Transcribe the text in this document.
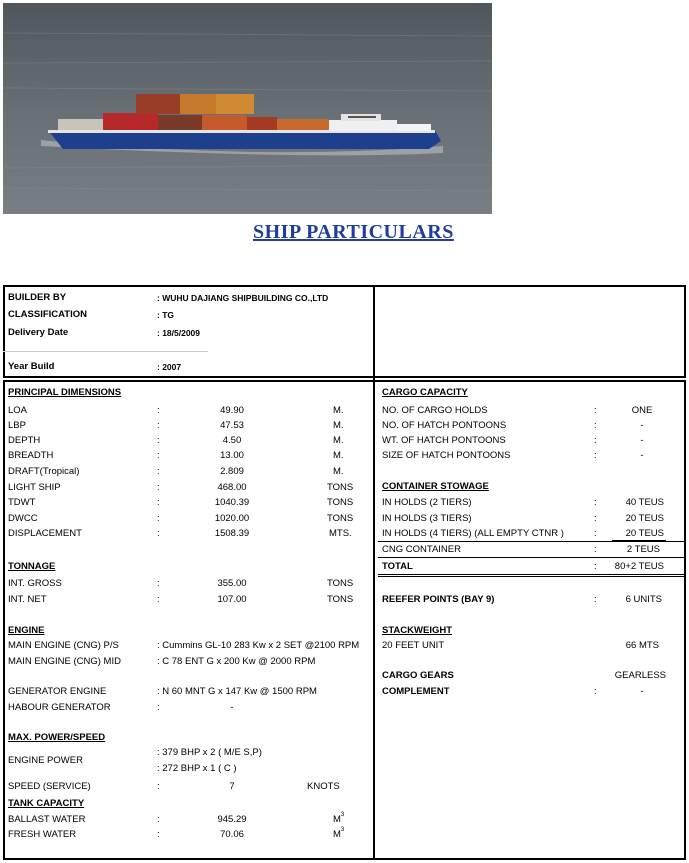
SHIP PARTICULARS
BUILDER BY	: WUHU DAJIANG SHIPBUILDING CO.,LTD
CLASSIFICATION	: TG
Delivery Date	: 18/5/2009
Year Build	: 2007
PRINCIPAL DIMENSIONS
LOA	:	49.90	M.
LBP	:	47.53	M.
DEPTH	:	4.50	M.
BREADTH	:	13.00	M.
DRAFT(Tropical)	:	2.809	M.
LIGHT SHIP	:	468.00	TONS
TDWT	:	1040.39	TONS
DWCC	:	1020.00	TONS
DISPLACEMENT	:	1508.39	MTS.
TONNAGE
INT. GROSS	:	355.00	TONS
INT. NET	:	107.00	TONS
ENGINE
MAIN ENGINE (CNG) P/S	: Cummins GL-10 283 Kw x 2 SET @2100 RPM
MAIN ENGINE (CNG) MID	: C 78 ENT G x 200 Kw @ 2000 RPM
GENERATOR ENGINE	: N 60 MNT G x 147 Kw @ 1500 RPM
HABOUR GENERATOR	:	-
MAX. POWER/SPEED
ENGINE POWER
: 379 BHP x 2 ( M/E S,P)
: 272 BHP x 1 ( C )
SPEED (SERVICE)	:	7	KNOTS
TANK CAPACITY
BALLAST WATER	:	945.29	$M^3$
FRESH WATER	:	70.06	$M^3$
CARGO CAPACITY
NO. OF CARGO HOLDS	:	ONE
NO. OF HATCH PONTOONS	:	-
WT. OF HATCH PONTOONS	:	-
SIZE OF HATCH PONTOONS	:	-
CONTAINER STOWAGE
IN HOLDS (2 TIERS)	:	40 TEUS
IN HOLDS (3 TIERS)	:	20 TEUS
IN HOLDS (4 TIERS) (ALL EMPTY CTNR )	:	20 TEUS
CNG CONTAINER	:	2 TEUS
TOTAL	:	80+2 TEUS
REEFER POINTS (BAY 9)	:	6 UNITS
STACKWEIGHT
20 FEET UNIT	66 MTS
CARGO GEARS	GEARLESS
COMPLEMENT	:	-
